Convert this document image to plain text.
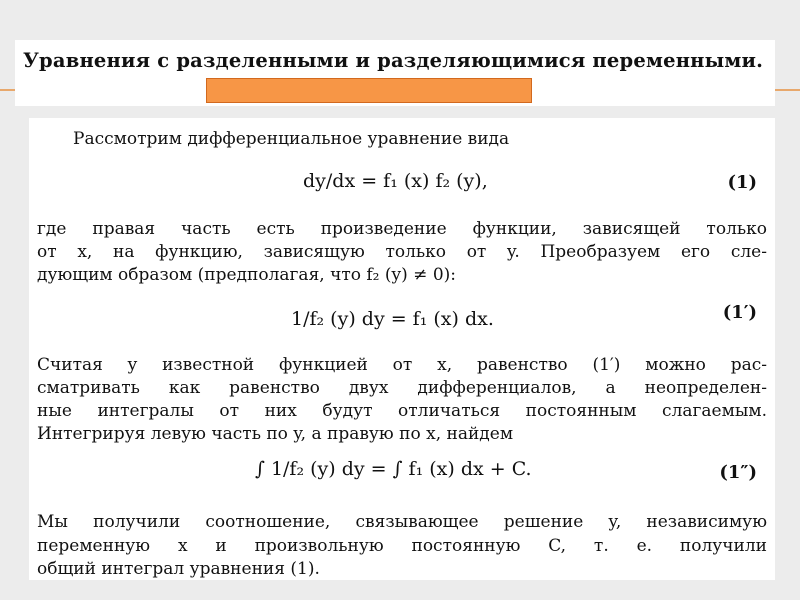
Уравнения с разделенными и разделяющимися переменными.
Рассмотрим дифференциальное уравнение вида
dy/dx = f₁ (x) f₂ (y),	(1)
где правая часть есть произведение функции, зависящей только
от x, на функцию, зависящую только от y. Преобразуем его сле-
дующим образом (предполагая, что f₂ (y) ≠ 0):
1/f₂ (y) dy = f₁ (x) dx.	(1′)
Считая y известной функцией от x, равенство (1′) можно рас-
сматривать как равенство двух дифференциалов, а неопределен-
ные интегралы от них будут отличаться постоянным слагаемым.
Интегрируя левую часть по y, а правую по x, найдем
∫ 1/f₂ (y) dy = ∫ f₁ (x) dx + C.	(1″)
Мы получили соотношение, связывающее решение y, независимую
переменную x и произвольную постоянную C, т. е. получили
общий интеграл уравнения (1).
